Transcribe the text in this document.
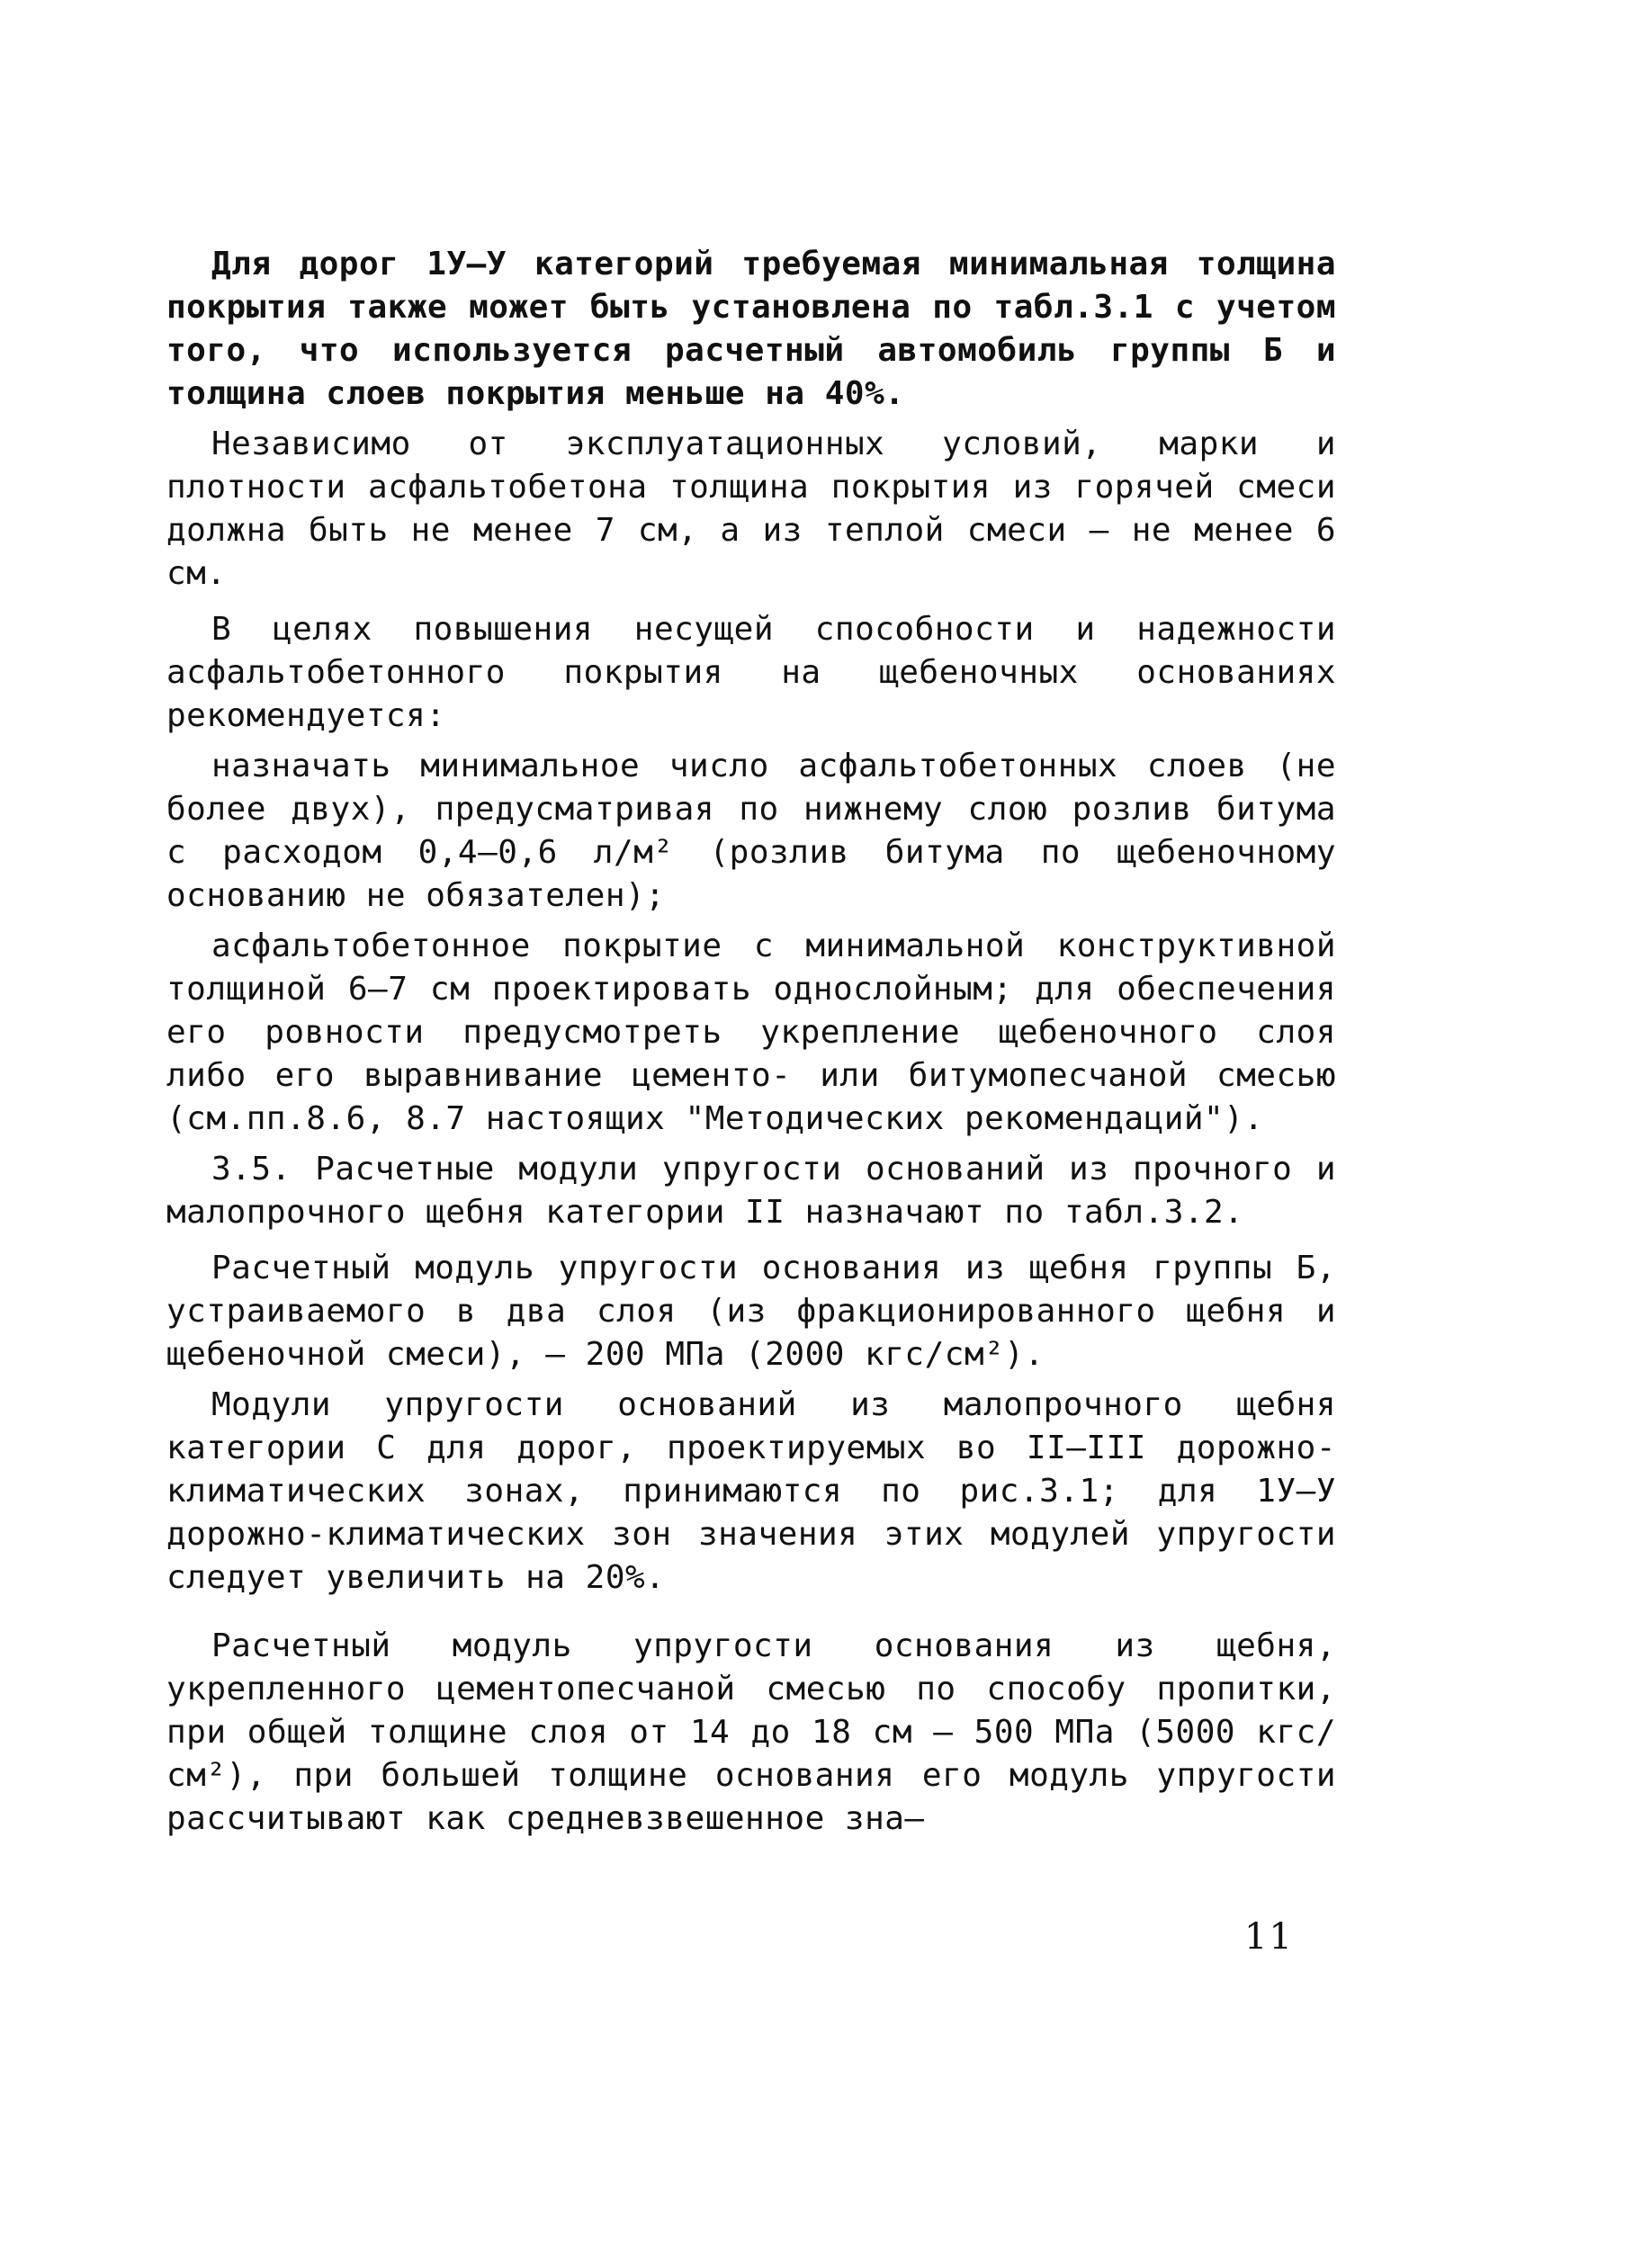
Для дорог 1У–У категорий требуемая минимальная толщина покрытия также может быть установлена по табл.3.1 с учетом того, что используется расчетный автомобиль группы Б и толщина слоев покрытия меньше на 40%.

Независимо от эксплуатационных условий, марки и плотности асфальтобетона толщина покрытия из горячей смеси должна быть не менее 7 см, а из теплой смеси – не менее 6 см.

В целях повышения несущей способности и надежности асфальтобетонного покрытия на щебеночных основаниях рекомендуется:

назначать минимальное число асфальтобетонных слоев (не более двух), предусматривая по нижнему слою розлив битума с расходом 0,4–0,6 л/м² (розлив битума по щебеночному основанию не обязателен);

асфальтобетонное покрытие с минимальной конструктивной толщиной 6–7 см проектировать однослойным; для обеспечения его ровности предусмотреть укрепление щебеночного слоя либо его выравнивание цементо- или битумопесчаной смесью (см.пп.8.6, 8.7 настоящих "Методических рекомендаций").

3.5. Расчетные модули упругости оснований из прочного и малопрочного щебня категории II назначают по табл.3.2.

Расчетный модуль упругости основания из щебня группы Б, устраиваемого в два слоя (из фракционированного щебня и щебеночной смеси), – 200 МПа (2000 кгс/см²).

Модули упругости оснований из малопрочного щебня категории С для дорог, проектируемых во II–III дорожно-климатических зонах, принимаются по рис.3.1; для 1У–У дорожно-климатических зон значения этих модулей упругости следует увеличить на 20%.

Расчетный модуль упругости основания из щебня, укрепленного цементопесчаной смесью по способу пропитки, при общей толщине слоя от 14 до 18 см – 500 МПа (5000 кгс/см²), при большей толщине основания его модуль упругости рассчитывают как средневзвешенное зна–

11
